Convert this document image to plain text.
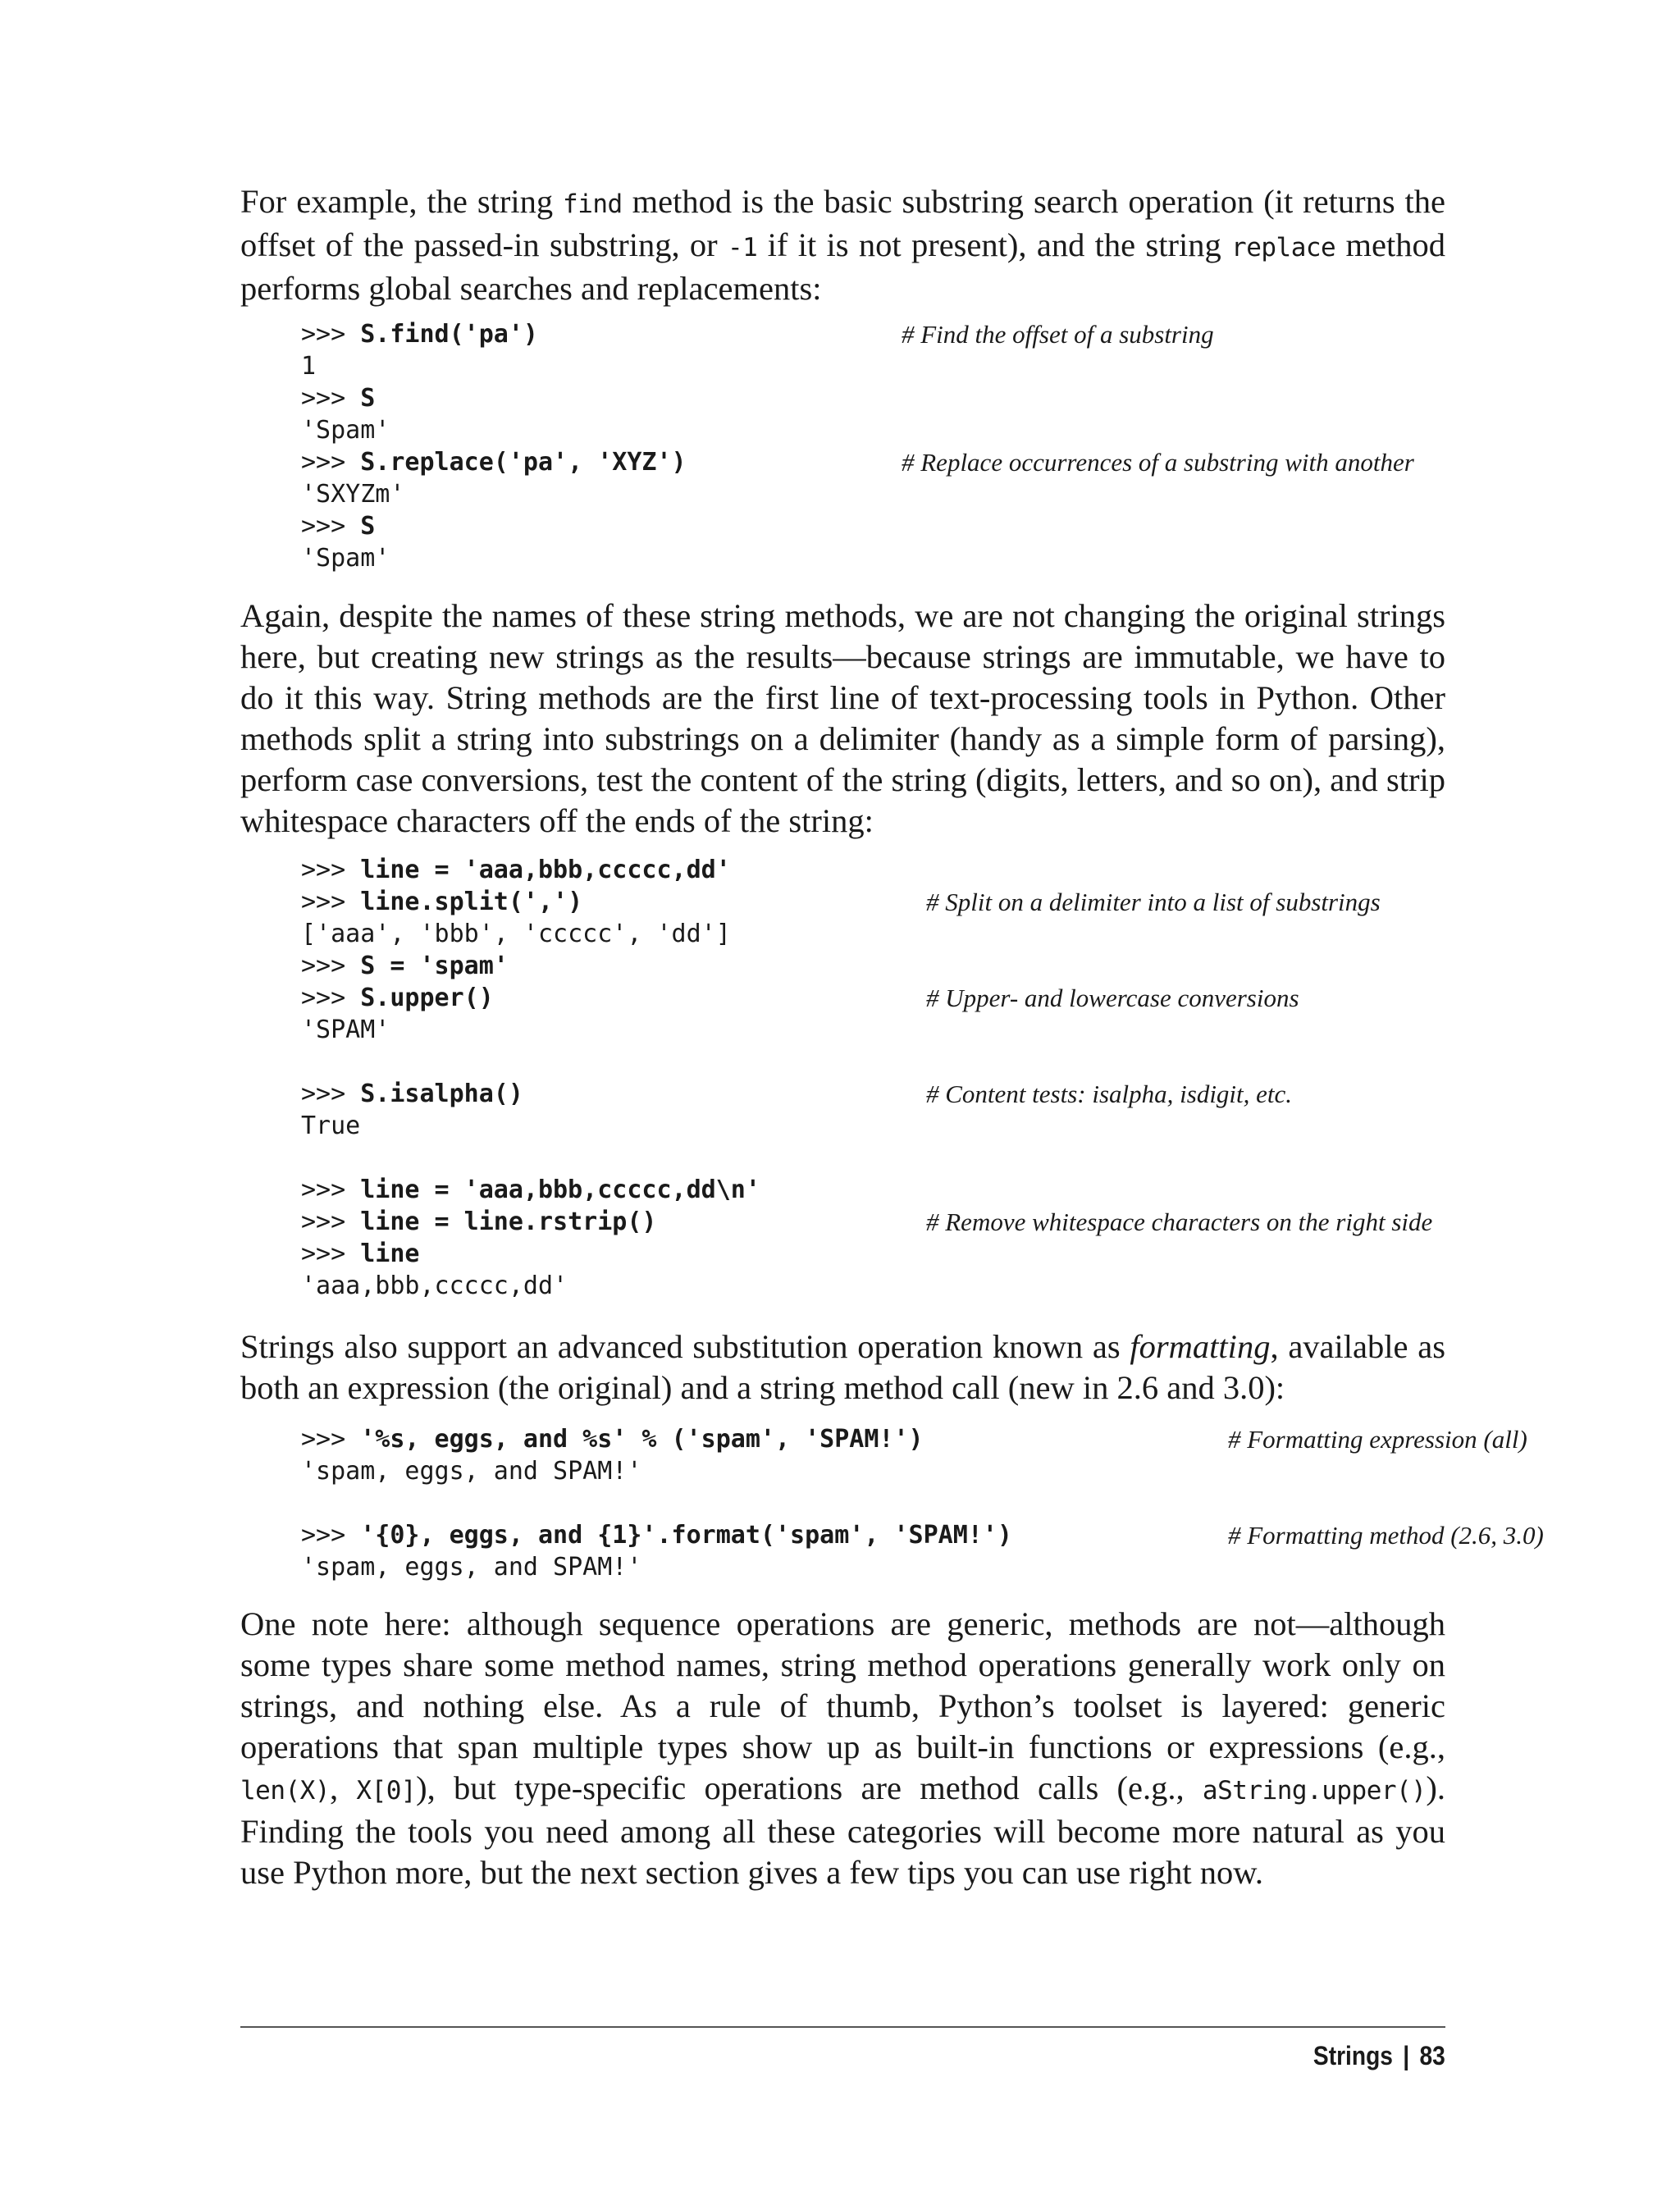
For example, the string find method is the basic substring search operation (it returns the offset of the passed-in substring, or -1 if it is not present), and the string replace method performs global searches and replacements:

>>> S.find('pa')	# Find the offset of a substring
1
>>> S
'Spam'
>>> S.replace('pa', 'XYZ')	# Replace occurrences of a substring with another
'SXYZm'
>>> S
'Spam'

Again, despite the names of these string methods, we are not changing the original strings here, but creating new strings as the results—because strings are immutable, we have to do it this way. String methods are the first line of text-processing tools in Python. Other methods split a string into substrings on a delimiter (handy as a simple form of parsing), perform case conversions, test the content of the string (digits, letters, and so on), and strip whitespace characters off the ends of the string:

>>> line = 'aaa,bbb,ccccc,dd'
>>> line.split(',')	# Split on a delimiter into a list of substrings
['aaa', 'bbb', 'ccccc', 'dd']
>>> S = 'spam'
>>> S.upper()	# Upper- and lowercase conversions
'SPAM'
>>> S.isalpha()	# Content tests: isalpha, isdigit, etc.
True
>>> line = 'aaa,bbb,ccccc,dd\n'
>>> line = line.rstrip()	# Remove whitespace characters on the right side
>>> line
'aaa,bbb,ccccc,dd'

Strings also support an advanced substitution operation known as formatting, available as both an expression (the original) and a string method call (new in 2.6 and 3.0):

>>> '%s, eggs, and %s' % ('spam', 'SPAM!')	# Formatting expression (all)
'spam, eggs, and SPAM!'
>>> '{0}, eggs, and {1}'.format('spam', 'SPAM!')	# Formatting method (2.6, 3.0)
'spam, eggs, and SPAM!'

One note here: although sequence operations are generic, methods are not—although some types share some method names, string method operations generally work only on strings, and nothing else. As a rule of thumb, Python’s toolset is layered: generic operations that span multiple types show up as built-in functions or expressions (e.g., len(X), X[0]), but type-specific operations are method calls (e.g., aString.upper()). Finding the tools you need among all these categories will become more natural as you use Python more, but the next section gives a few tips you can use right now.

Strings | 83
